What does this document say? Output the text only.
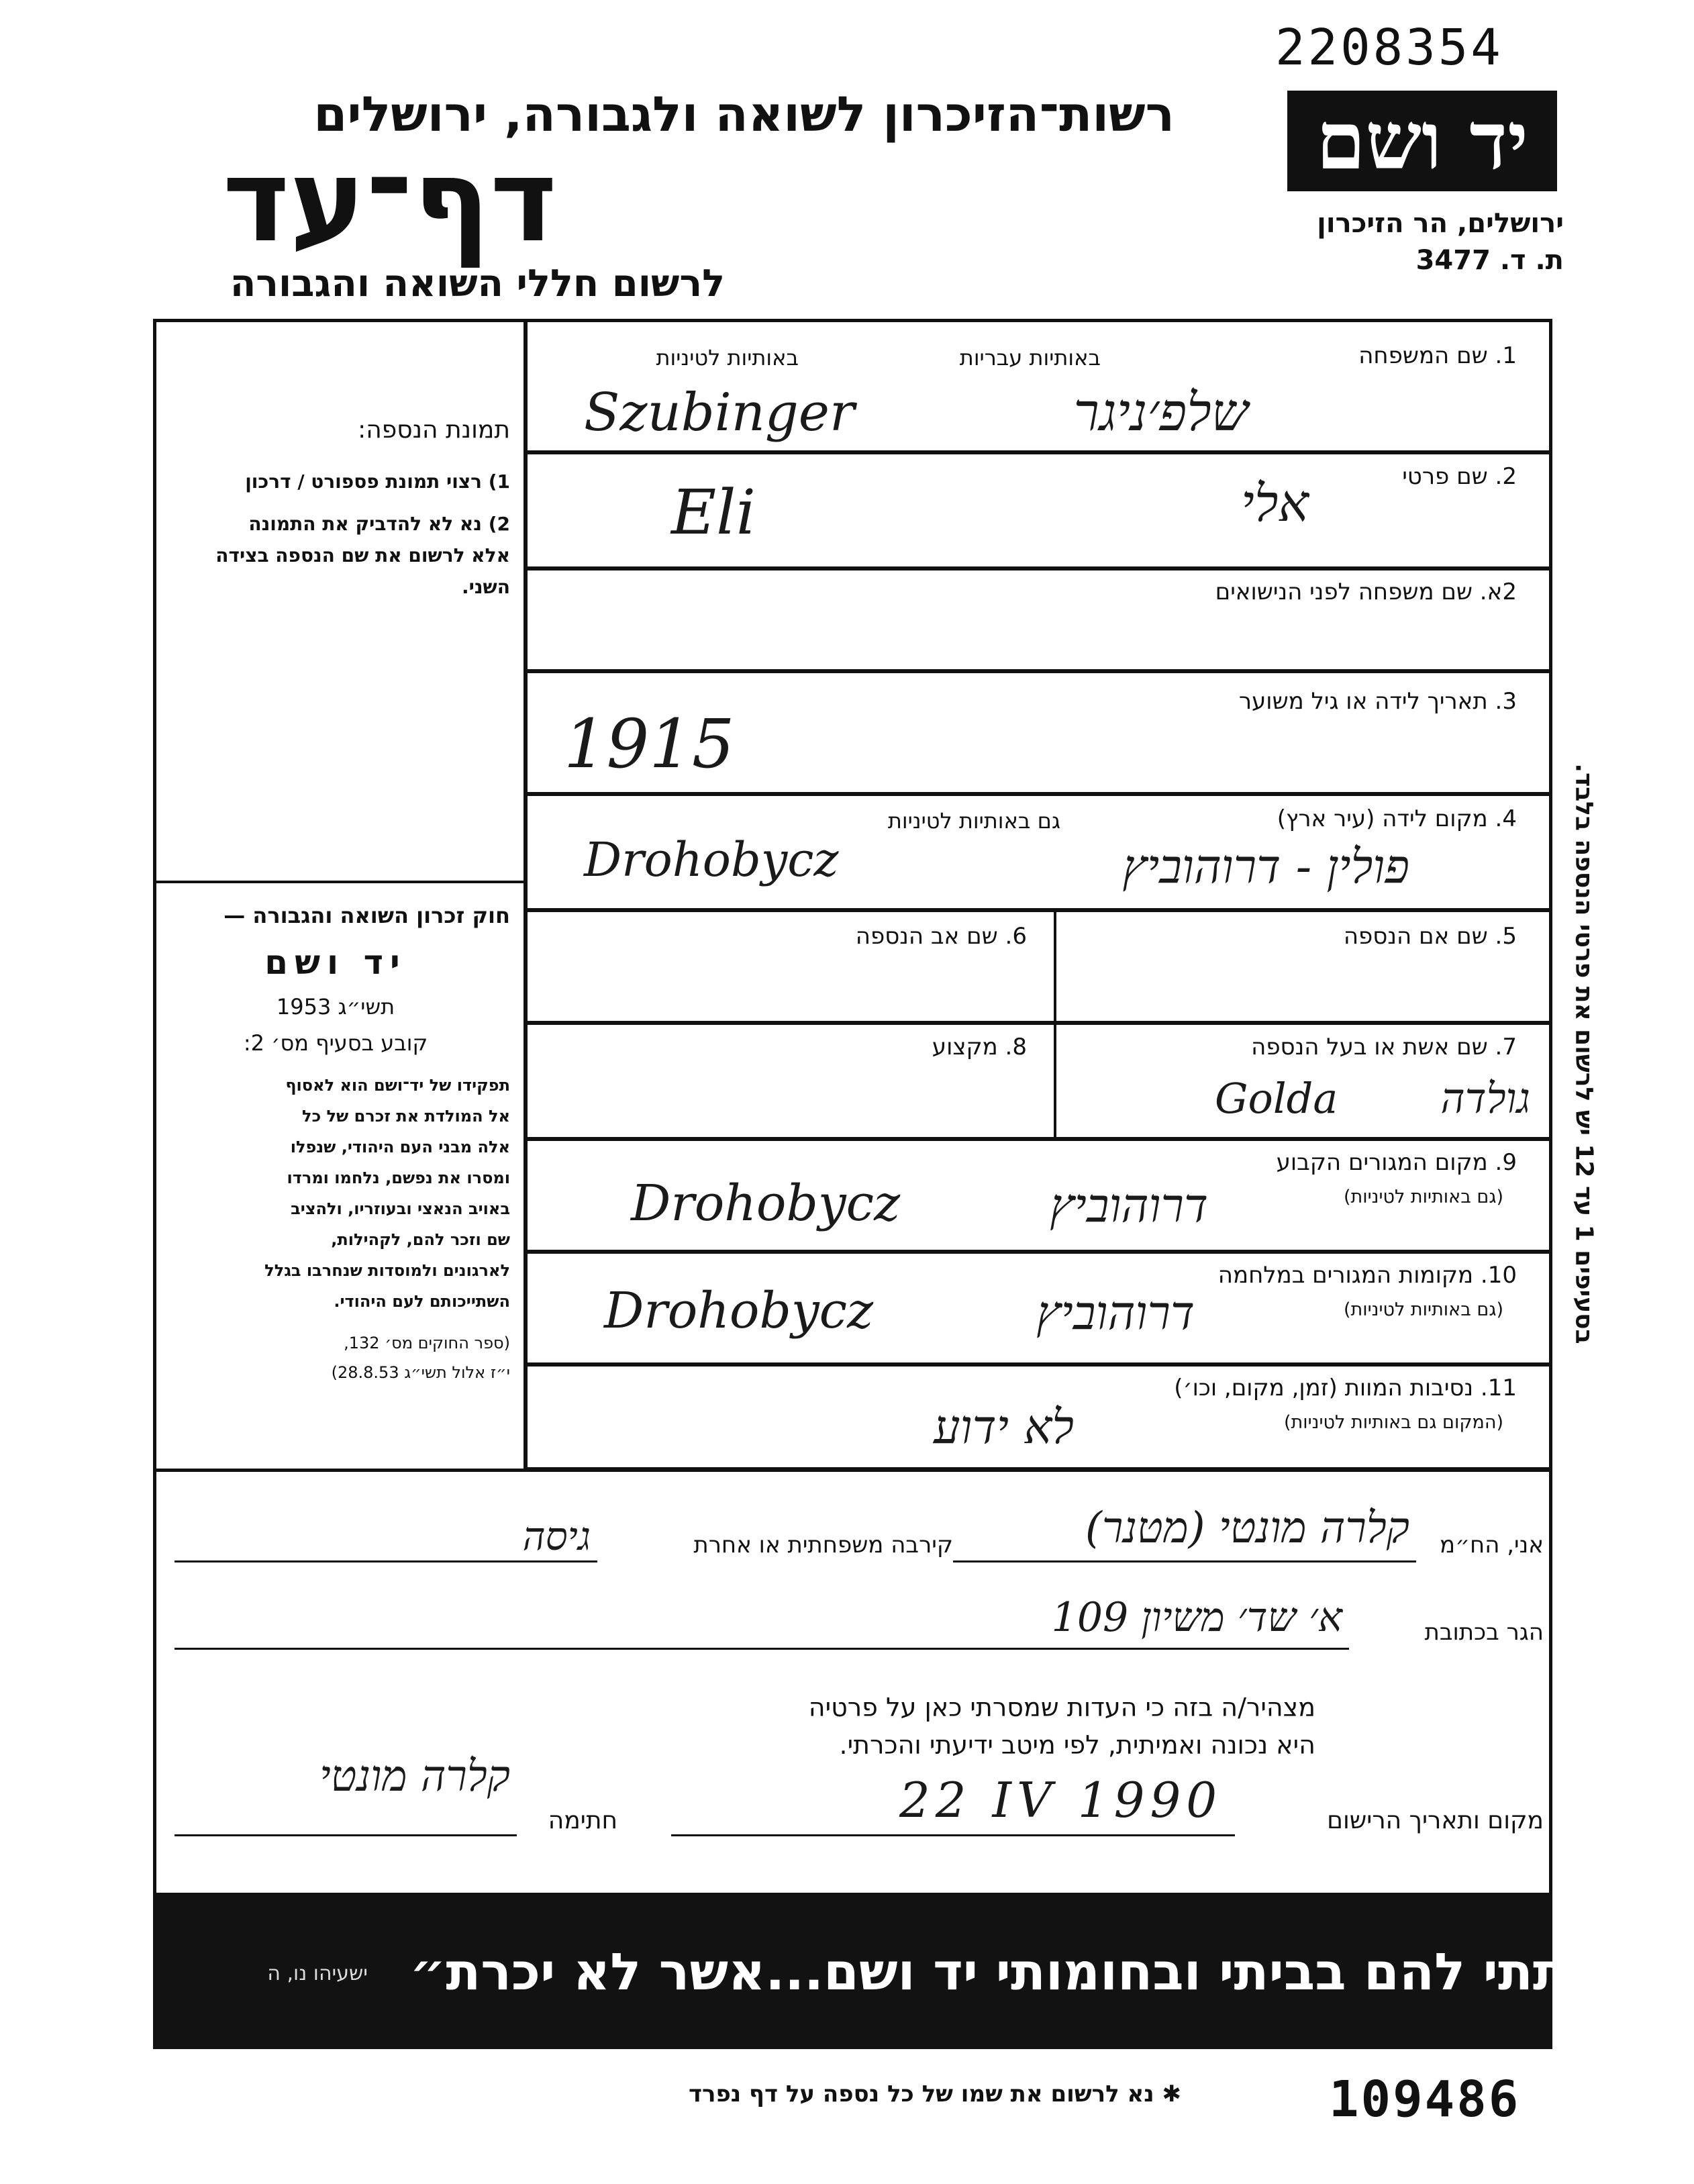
2208354
רשות־הזיכרון לשואה ולגבורה, ירושלים
דף־עד
לרשום חללי השואה והגבורה
יד ושם
ירושלים, הר הזיכרון
ת. ד. 3477
תמונת הנספה:
1) רצוי תמונת פספורט / דרכון
2) נא לא להדביק את התמונה
אלא לרשום את שם הנספה בצידה
השני.
חוק זכרון השואה והגבורה —
יד ושם
תשי״ג 1953
קובע בסעיף מס׳ 2:
תפקידו של יד־ושם הוא לאסוף
אל המולדת את זכרם של כל
אלה מבני העם היהודי, שנפלו
ומסרו את נפשם, נלחמו ומרדו
באויב הנאצי ובעוזריו, ולהציב
שם וזכר להם, לקהילות,
לארגונים ולמוסדות שנחרבו בגלל
השתייכותם לעם היהודי.
(ספר החוקים מס׳ 132,
י״ז אלול תשי״ג 28.8.53)
1. שם המשפחה
באותיות עבריות
באותיות לטיניות
שלפ׳ניגר
Szubinger
2. שם פרטי
אלי
Eli
2א. שם משפחה לפני הנישואים
3. תאריך לידה או גיל משוער
1915
4. מקום לידה (עיר ארץ)
גם באותיות לטיניות
פולין - דרוהוביץ
Drohobycz
5. שם אם הנספה
6. שם אב הנספה
7. שם אשת או בעל הנספה
8. מקצוע
גולדה
Golda
9. מקום המגורים הקבוע
(גם באותיות לטיניות)
דרוהוביץ
Drohobycz
10. מקומות המגורים במלחמה
(גם באותיות לטיניות)
דרוהוביץ
Drohobycz
11. נסיבות המוות (זמן, מקום, וכו׳)
(המקום גם באותיות לטיניות)
לא ידוע
בסעיפים 1 עד 12 יש לרשום את פרטי הנספה בלבד.
אני, הח״מ
קלרה מונטי (מטנר)
קירבה משפחתית או אחרת
גיסה
הגר בכתובת
א׳ שד׳ משיון 109
מצהיר/ה בזה כי העדות שמסרתי כאן על פרטיה
היא נכונה ואמיתית, לפי מיטב ידיעתי והכרתי.
מקום ותאריך הרישום
22 IV 1990
חתימה
קלרה מונטי
״..ונתתי להם בביתי ובחומותי יד ושם...אשר לא יכרת״
ישעיהו נו, ה
✱ נא לרשום את שמו של כל נספה על דף נפרד	109486
